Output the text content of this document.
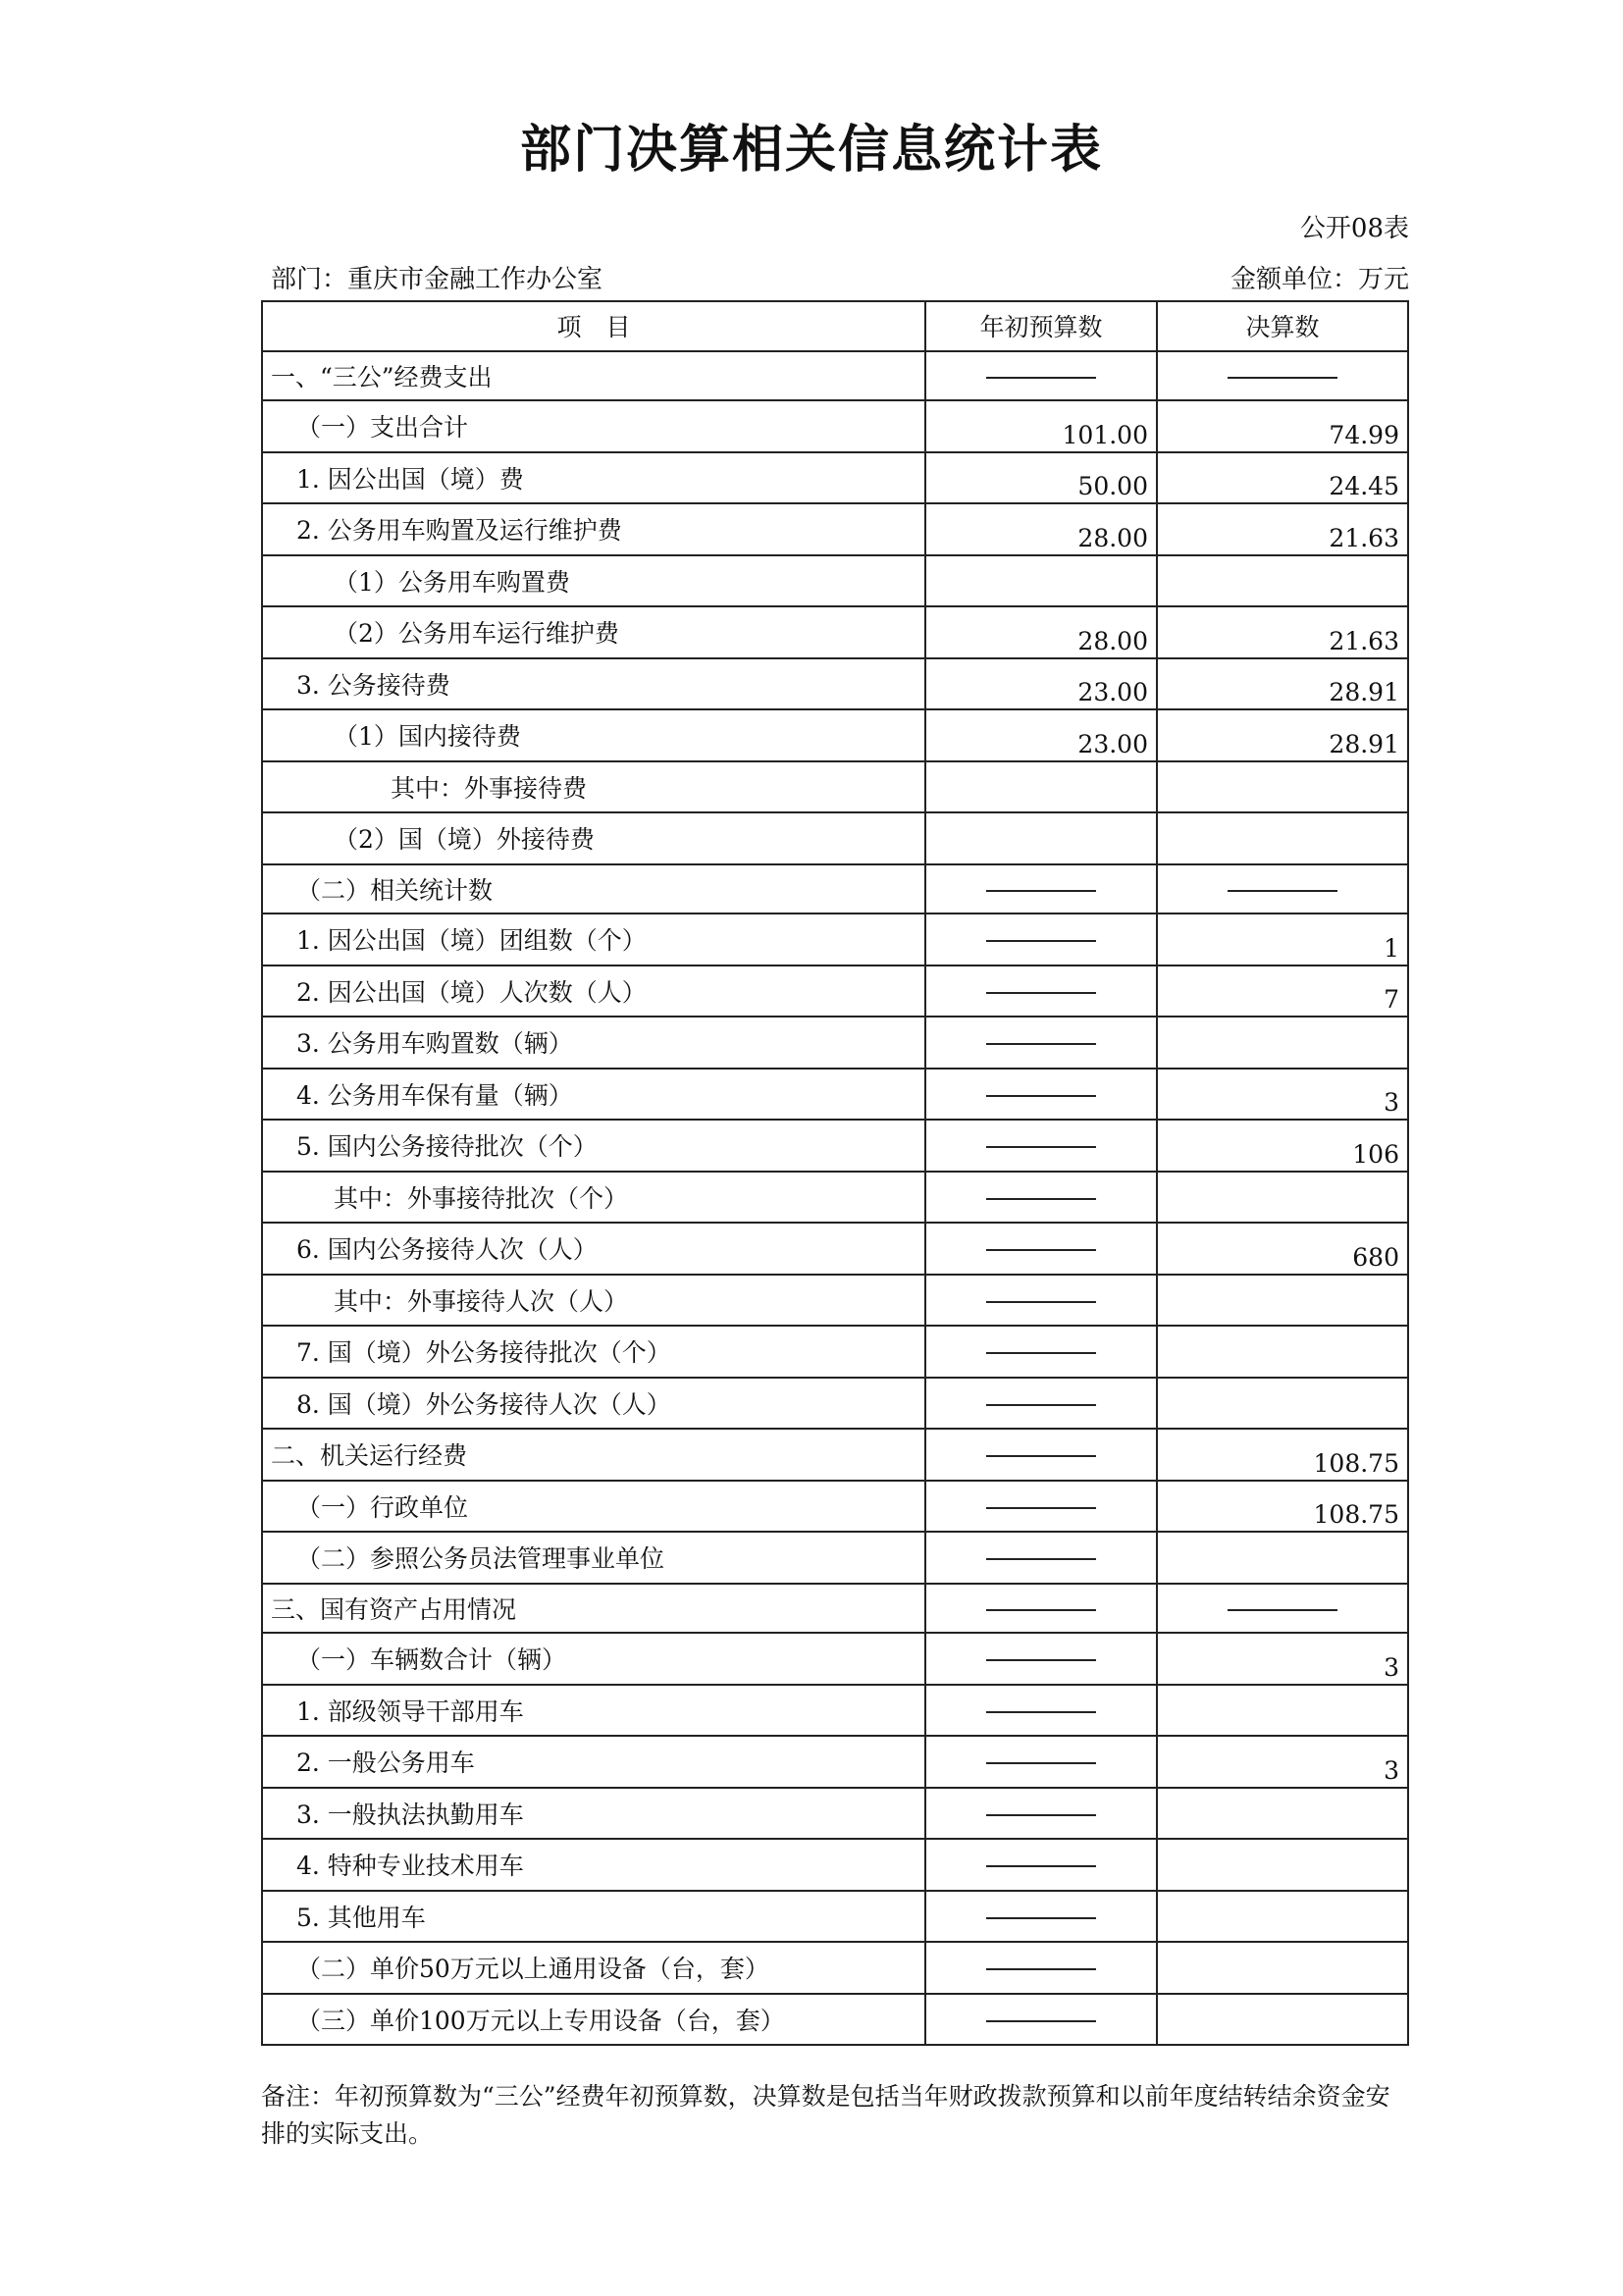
部门决算相关信息统计表
公开08表
部门：重庆市金融工作办公室	金额单位：万元
项　目	年初预算数	决算数
一、“三公”经费支出		
（一）支出合计	101.00	74.99
1. 因公出国（境）费	50.00	24.45
2. 公务用车购置及运行维护费	28.00	21.63
（1）公务用车购置费		
（2）公务用车运行维护费	28.00	21.63
3. 公务接待费	23.00	28.91
（1）国内接待费	23.00	28.91
其中：外事接待费		
（2）国（境）外接待费		
（二）相关统计数		
1. 因公出国（境）团组数（个）		1
2. 因公出国（境）人次数（人）		7
3. 公务用车购置数（辆）		
4. 公务用车保有量（辆）		3
5. 国内公务接待批次（个）		106
其中：外事接待批次（个）		
6. 国内公务接待人次（人）		680
其中：外事接待人次（人）		
7. 国（境）外公务接待批次（个）		
8. 国（境）外公务接待人次（人）		
二、机关运行经费		108.75
（一）行政单位		108.75
（二）参照公务员法管理事业单位		
三、国有资产占用情况		
（一）车辆数合计（辆）		3
1. 部级领导干部用车		
2. 一般公务用车		3
3. 一般执法执勤用车		
4. 特种专业技术用车		
5. 其他用车		
（二）单价50万元以上通用设备（台，套）		
（三）单价100万元以上专用设备（台，套）		
备注：年初预算数为“三公”经费年初预算数，决算数是包括当年财政拨款预算和以前年度结转结余资金安排的实际支出。
